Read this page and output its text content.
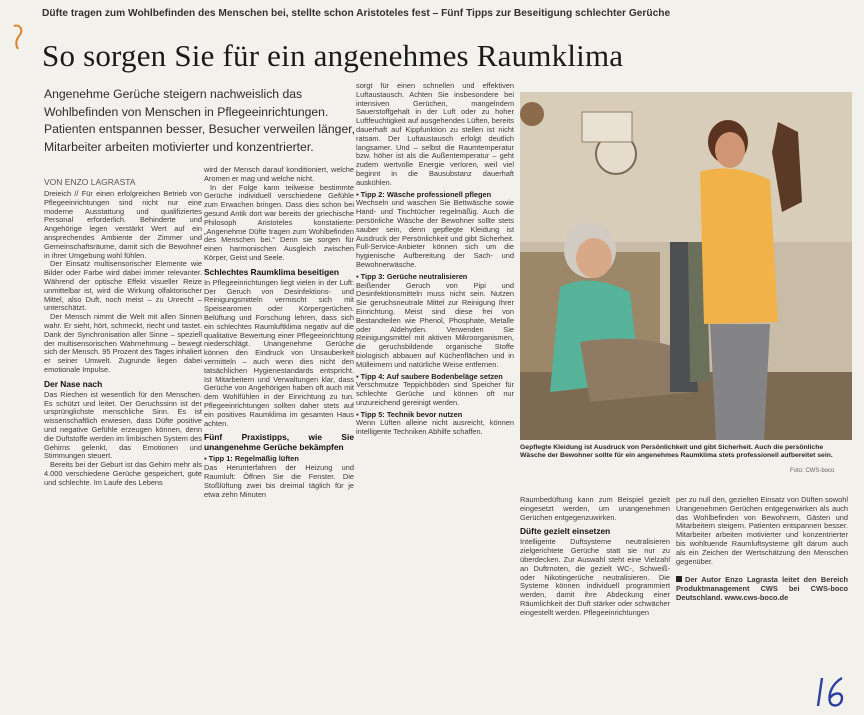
Düfte tragen zum Wohlbefinden des Menschen bei, stellte schon Aristoteles fest – Fünf Tipps zur Beseitigung schlechter Gerüche
So sorgen Sie für ein angenehmes Raumklima
Angenehme Gerüche steigern nachweislich das Wohlbefinden von Menschen in Pflegeeinrichtungen. Patienten entspannen besser, Besucher verweilen länger, Mitarbeiter arbeiten motivierter und konzentrierter.
VON ENZO LAGRASTA

Dreieich // Für einen erfolgreichen Betrieb von Pflegeeinrichtungen sind nicht nur eine moderne Ausstattung und qualifiziertes Personal erforderlich. Behinderte und Angehörige legen verstärkt Wert auf ein ansprechendes Ambiente der Zimmer und Gemeinschaftsräume, damit sich die Bewohner in ihrer Umgebung wohl fühlen.

Der Einsatz multisensorischer Elemente wie Bilder oder Farbe wird dabei immer relevanter. Während der optische Effekt visueller Reize unmittelbar ist, wird die Wirkung olfaktorischer Mittel, also Duft, noch meist – zu Unrecht – unterschätzt.

Der Mensch nimmt die Welt mit allen Sinnen wahr. Er sieht, hört, schmeckt, riecht und tastet. Dank der Synchronisation aller Sinne – speziell der multisensorischen Wahrnehmung – bewegt sich der Mensch. 95 Prozent des Tages inhaliert er seiner Umwelt. Zugrunde liegen dabei emotionale Impulse.

Der Nase nach

Das Riechen ist wesentlich für den Menschen. Es schützt und leitet. Der Geruchssinn ist der ursprünglichste menschliche Sinn. Es ist wissenschaftlich erwiesen, dass Düfte positive und negative Gefühle erzeugen können, denn die Duftstoffe werden im limbischen System des Gehirns gelenkt, das Emotionen und Stimmungen steuert.

Bereits bei der Geburt ist das Gehirn mehr als 4.000 verschiedene Gerüche gespeichert, gute und schlechte. Im Laufe des Lebens

wird der Mensch darauf konditioniert, welche Aromen er mag und welche nicht.

In der Folge kann teilweise bestimmte Gerüche individuell verschiedene Gefühle zum Erwachen bringen. Dass dies schon bei gesund Antik dort war bereits der griechische Philosoph Aristoteles konstatierte: „Angenehme Düfte tragen zum Wohlbefinden des Menschen bei.“ Denn sie sorgen für einen harmonischen Ausgleich zwischen Körper, Geist und Seele.

Schlechtes Raumklima beseitigen

In Pflegeeinrichtungen liegt vielen in der Luft: Der Geruch von Desinfektions- und Reinigungsmitteln vermischt sich mit Speisearomen oder Körpergerüchen. Belüftung und Forschung lehren, dass sich ein schlechtes Raumluftklima negativ auf die qualitative Bewertung einer Pflegeeinrichtung niederschlägt. Unangenehme Gerüche können den Eindruck von Unsauberkeit vermitteln – auch wenn dies nicht den tatsächlichen Hygienestandards entspricht. Ist Mitarbeitern und Verwaltungen klar, dass Gerüche von Angehörigen haben oft auch mit dem Wohlfühlen in der Einrichtung zu tun. Pflegeeinrichtungen sollten daher stets auf ein positives Raumklima im gesamten Haus achten.

Fünf Praxistipps, wie Sie unangenehme Gerüche bekämpfen

▪ Tipp 1: Regelmäßig lüften

Das Herunterfahren der Heizung und Raumluft: Öffnen Sie die Fenster. Die Stoßlüftung zwei bis dreimal täglich für je etwa zehn Minuten

sorgt für einen schnellen und effektiven Luftaustausch. Achten Sie insbesondere bei intensiven Gerüchen, mangelndem Sauerstoffgehalt in der Luft oder zu hoher Luftfeuchtigkeit auf ausgehendes Lüften, bereits dauerhaft auf Kippfunktion zu stellen ist nicht ratsam. Der Luftaustausch erfolgt deutlich langsamer. Und – selbst die Raumtemperatur bzw. höher ist als die Außentemperatur – geht zudem wertvolle Energie verloren, weil viel beginnt in die Bausubstanz dauerhaft auskühlen.

▪ Tipp 2: Wäsche professionell pflegen

Wechseln und waschen Sie Bettwäsche sowie Hand- und Tischtücher regelmäßig. Auch die persönliche Wäsche der Bewohner sollte stets sauber sein, denn gepflegte Kleidung ist Ausdruck der Persönlichkeit und gibt Sicherheit. Full-Service-Anbieter können sich um die hygienische Aufbereitung der Sach- und Bewohnerwäsche.

▪ Tipp 3: Gerüche neutralisieren

Beißender Geruch von Pipi und Desinfektionsmitteln muss nicht sein. Nutzen Sie geruchsneutrale Mittel zur Reinigung Ihrer Einrichtung. Meist sind diese frei von Bestandteilen wie Phenol, Phosphate, Metalle oder Aldehyden. Verwenden Sie Reinigungsmittel mit aktiven Mikroorganismen, die geruchsbildende organische Stoffe biologisch abbauen auf Küchenflächen und in Mülleimern und natürliche Weise entfernen.

▪ Tipp 4: Auf saubere Bodenbeläge setzen

Verschmutze Teppichböden sind Speicher für schlechte Gerüche und können oft nur unzureichend gereinigt werden.

▪ Tipp 5: Technik bevor nutzen

Wenn Lüften alleine nicht ausreicht, können intelligente Techniken Abhilfe schaffen.

Gepflegte Kleidung ist Ausdruck von Persönlichkeit und gibt Sicherheit. Auch die persönliche Wäsche der Bewohner sollte für ein angenehmes Raumklima stets professionell aufbereitet sein.
Foto: CWS-boco

Raumbedüftung kann zum Beispiel gezielt eingesetzt werden, um unangenehmen Gerüchen entgegenzuwirken.

Düfte gezielt einsetzen

Intelligente Duftsysteme neutralisieren zielgerichtete Gerüche statt sie nur zu überdecken. Zur Auswahl steht eine Vielzahl an Duftrnoten, die gezielt WC-, Schweiß- oder Nikotingerüche neutralisieren. Die Systeme können individuell programmiert werden, damit ihre Abdeckung einer Räumlichkeit der Duft stärker oder schwächer eingestellt werden. Pflegeeinrichtungen

per zu null den, gezielten Einsatz von Düften sowohl Urangenehmen Gerüchen entgegenwirken als auch das Wohlbefinden von Bewohnern, Gästen und Mitarbeitern steigern. Patienten entspannen besser. Mitarbeiter arbeiten motivierter und konzentrierter bis wohltuende Raumluftsysteme gilt darum auch als ein Zeichen der Wertschätzung den Menschen gegenüber.

Der Autor Enzo Lagrasta leitet den Bereich Produktmanagement CWS bei CWS-boco Deutschland. www.cws-boco.de
